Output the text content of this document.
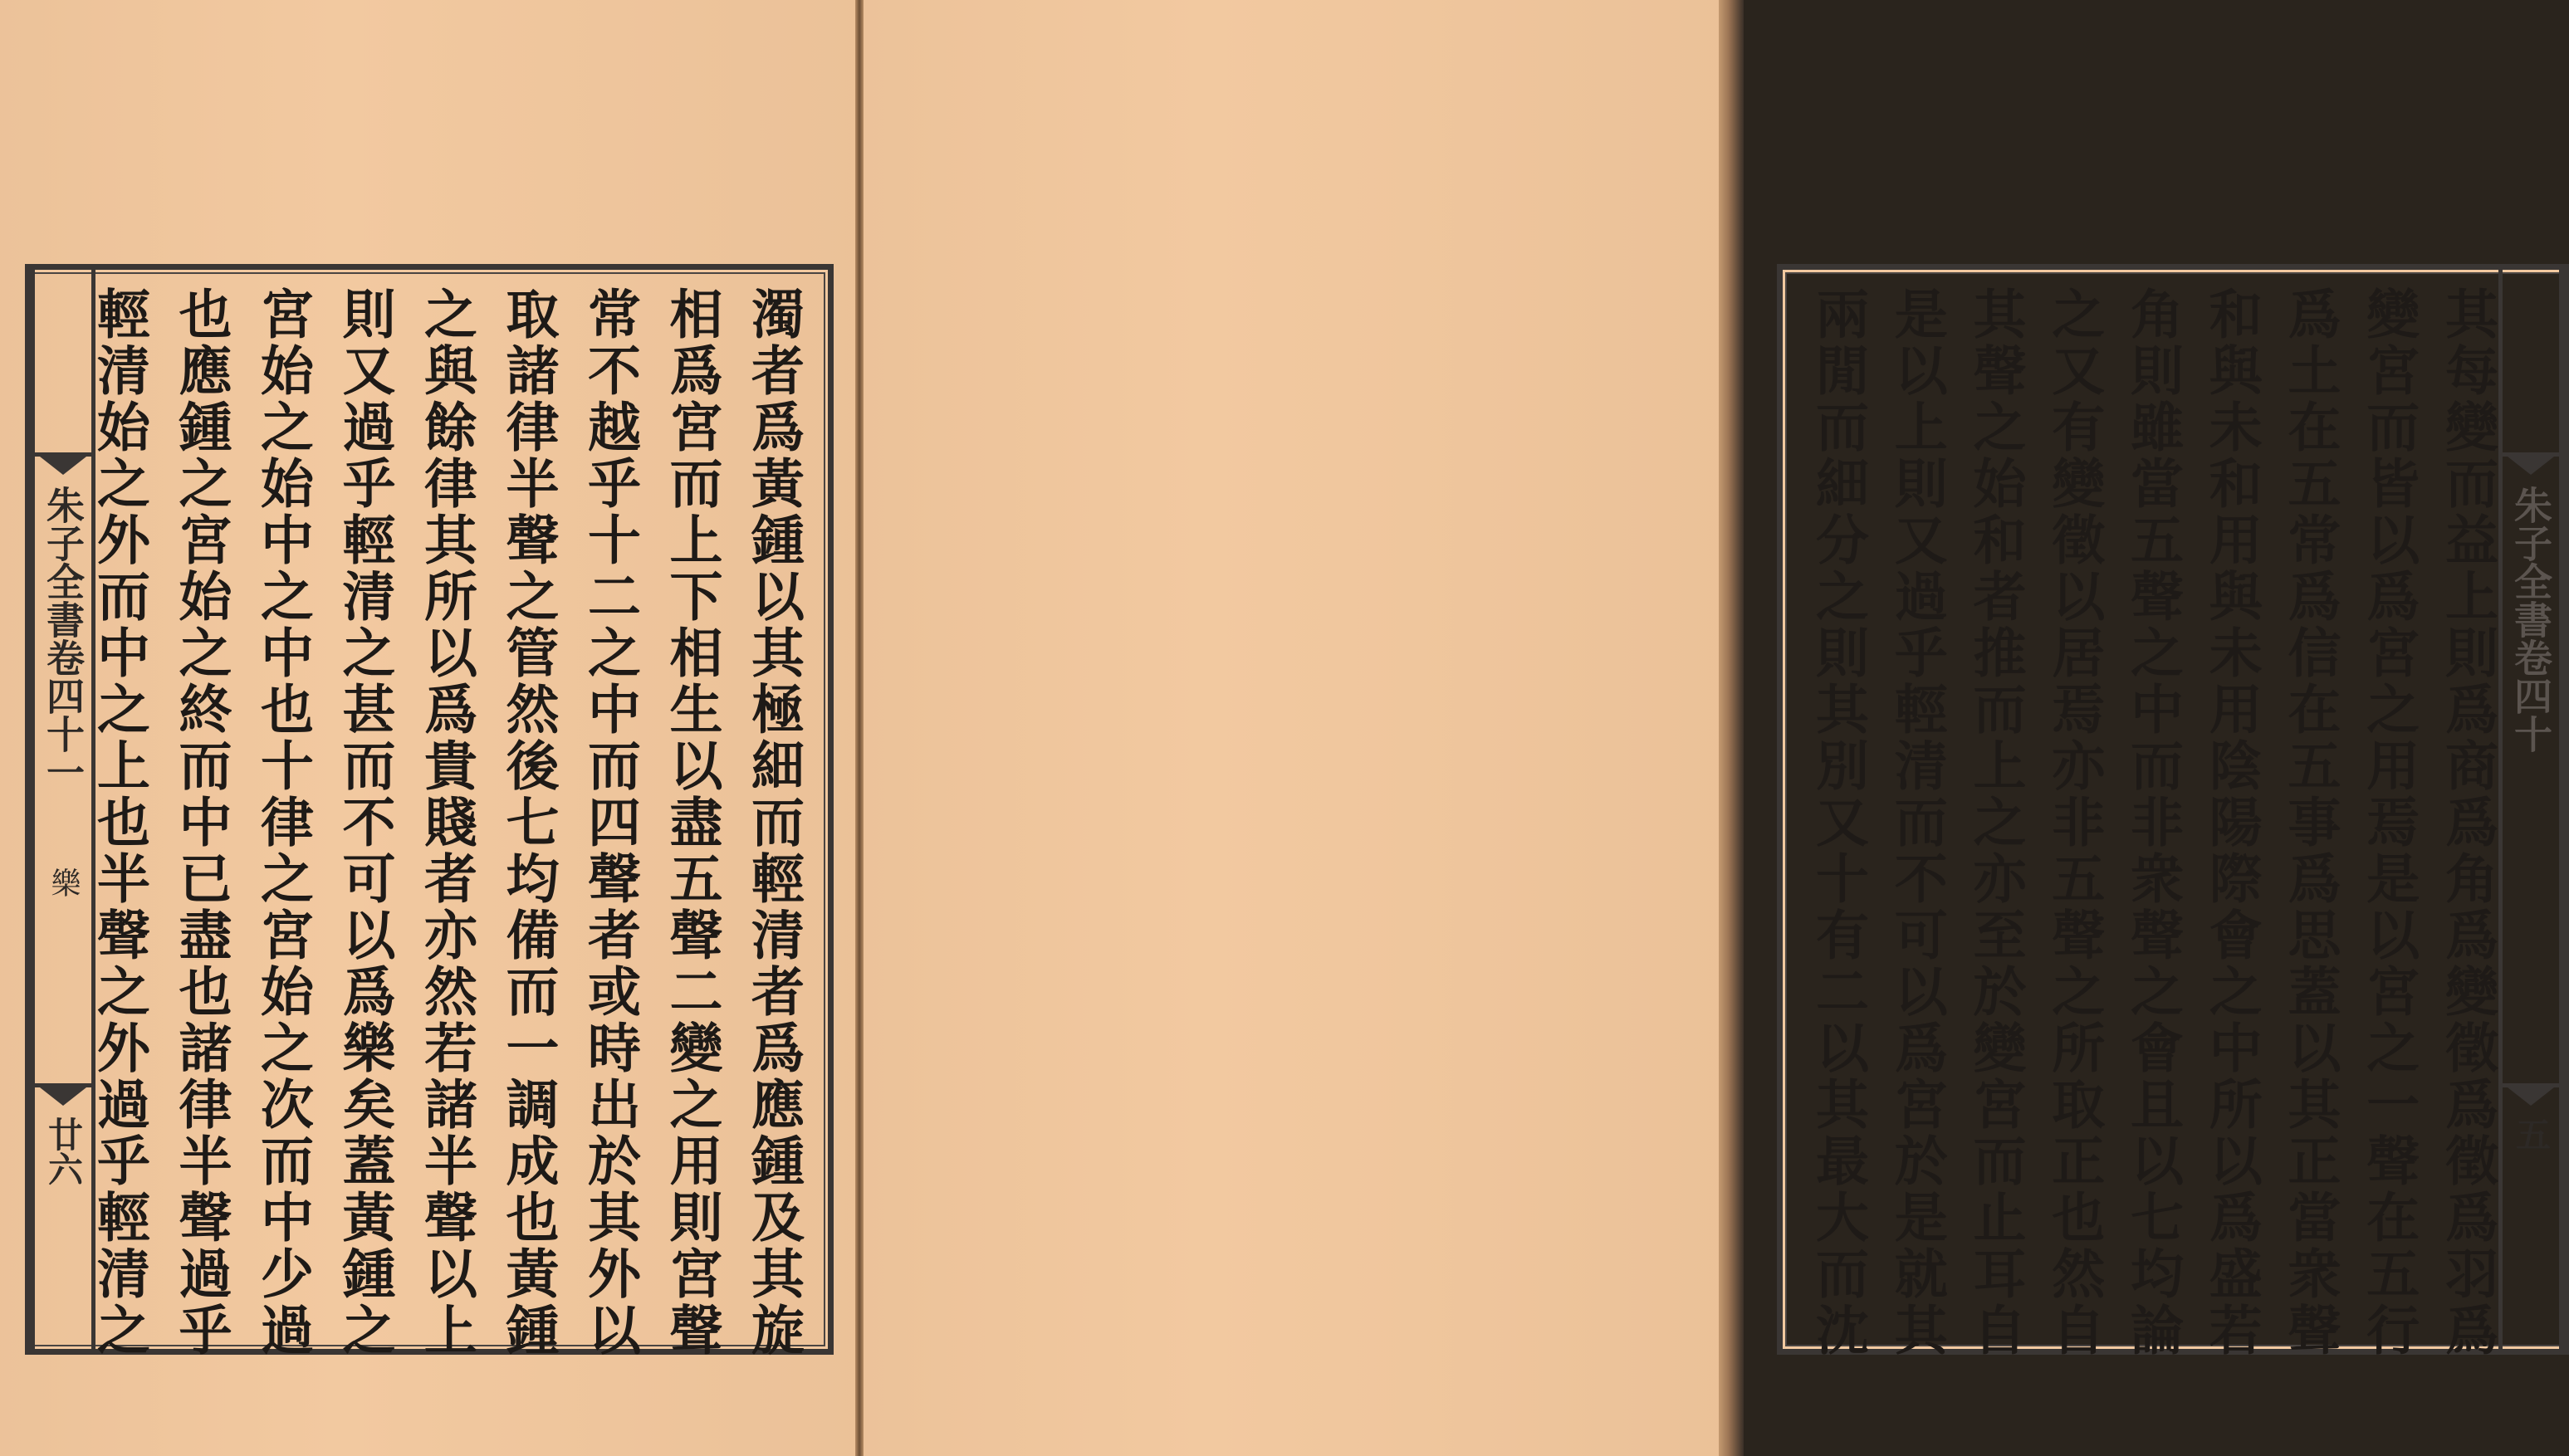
朱子全書卷四十一
樂
廿六	濁者爲黃鍾以其極細而輕清者爲應鍾及其旋
相爲宮而上下相生以盡五聲二變之用則宮聲
常不越乎十二之中而四聲者或時出於其外以
取諸律半聲之管然後七均備而一調成也黃鍾
之與餘律其所以爲貴賤者亦然若諸半聲以上
則又過乎輕清之甚而不可以爲樂矣蓋黃鍾之
宮始之始中之中也十律之宮始之次而中少過
也應鍾之宮始之終而中已盡也諸律半聲過乎
輕清始之外而中之上也半聲之外過乎輕清之	其每變而益上則爲商爲角爲變徵爲徵爲羽爲
變宮而皆以爲宮之用焉是以宮之一聲在五行
爲土在五常爲信在五事爲思蓋以其正當衆聲
和與未和用與未用陰陽際會之中所以爲盛若
角則雖當五聲之中而非衆聲之會且以七均論
之又有變徵以居焉亦非五聲之所取正也然自
其聲之始和者推而上之亦至於變宮而止耳自
是以上則又過乎輕清而不可以爲宮於是就其
兩閒而細分之則其別又十有二以其最大而沈	朱子全書卷四十
五
